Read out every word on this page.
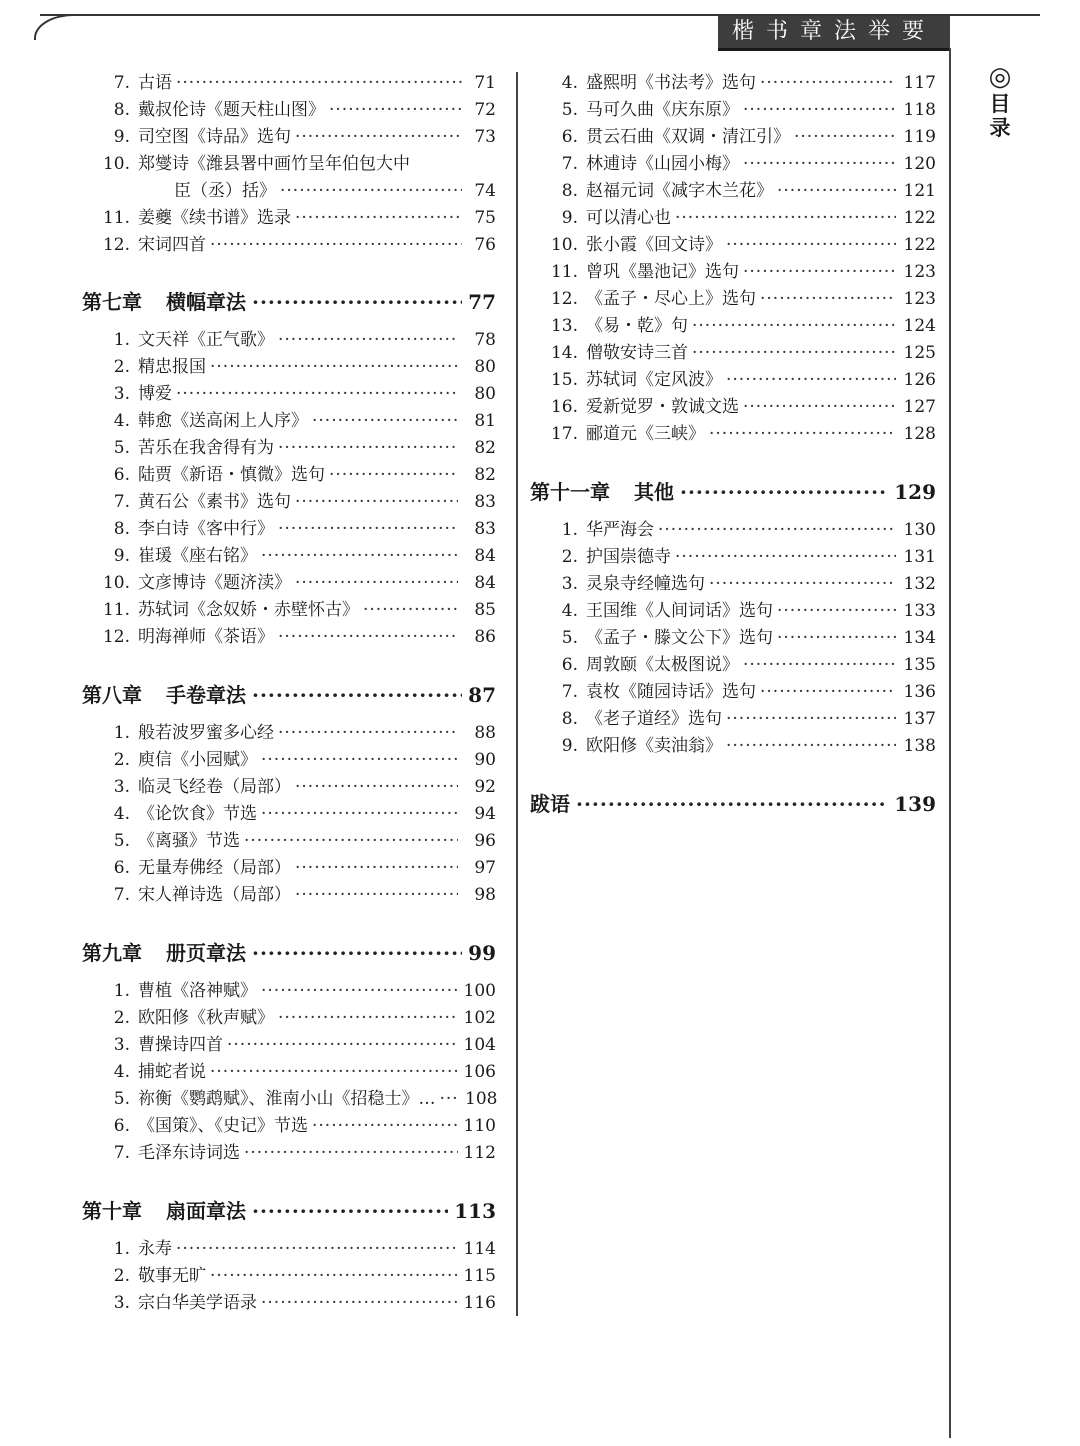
楷书章法举要
◎
目
录
7. 古语 ·····	71
8. 戴叔伦诗《题天柱山图》 ·····	72
9. 司空图《诗品》选句 ·····	73
10. 郑燮诗《潍县署中画竹呈年伯包大中
臣（丞）括》 ·····	74
11. 姜夔《续书谱》选录 ·····	75
12. 宋词四首 ·····	76
第七章 横幅章法 ·····	77
1. 文天祥《正气歌》 ·····	78
2. 精忠报国 ·····	80
3. 博爱 ·····	80
4. 韩愈《送高闲上人序》 ·····	81
5. 苦乐在我舍得有为 ·····	82
6. 陆贾《新语・慎微》选句 ·····	82
7. 黄石公《素书》选句 ·····	83
8. 李白诗《客中行》 ·····	83
9. 崔瑗《座右铭》 ·····	84
10. 文彦博诗《题济渎》 ·····	84
11. 苏轼词《念奴娇・赤壁怀古》 ·····	85
12. 明海禅师《茶语》 ·····	86
第八章 手卷章法 ·····	87
1. 般若波罗蜜多心经 ·····	88
2. 庾信《小园赋》 ·····	90
3. 临灵飞经卷（局部） ·····	92
4. 《论饮食》节选 ·····	94
5. 《离骚》节选 ·····	96
6. 无量寿佛经（局部） ·····	97
7. 宋人禅诗选（局部） ·····	98
第九章 册页章法 ·····	99
1. 曹植《洛神赋》 ·····	100
2. 欧阳修《秋声赋》 ·····	102
3. 曹操诗四首 ·····	104
4. 捕蛇者说 ·····	106
5. 祢衡《鹦鹉赋》、淮南小山《招稳士》… ····· 108
6. 《国策》、《史记》节选 ·····	110
7. 毛泽东诗词选 ·····	112
第十章 扇面章法 ·····	113
1. 永寿 ·····	114
2. 敬事无旷 ·····	115
3. 宗白华美学语录 ·····	116
4. 盛熙明《书法考》选句 ·····	117
5. 马可久曲《庆东原》 ·····	118
6. 贯云石曲《双调・清江引》 ·····	119
7. 林逋诗《山园小梅》 ·····	120
8. 赵福元词《减字木兰花》 ·····	121
9. 可以清心也 ·····	122
10. 张小霞《回文诗》 ·····	122
11. 曾巩《墨池记》选句 ·····	123
12. 《孟子・尽心上》选句 ·····	123
13. 《易・乾》句 ·····	124
14. 僧敬安诗三首 ·····	125
15. 苏轼词《定风波》 ·····	126
16. 爱新觉罗・敦诚文选 ·····	127
17. 郦道元《三峡》 ·····	128
第十一章 其他 ·····	129
1. 华严海会 ·····	130
2. 护国崇德寺 ·····	131
3. 灵泉寺经幢选句 ·····	132
4. 王国维《人间词话》选句 ·····	133
5. 《孟子・滕文公下》选句 ·····	134
6. 周敦颐《太极图说》 ·····	135
7. 袁枚《随园诗话》选句 ·····	136
8. 《老子道经》选句 ·····	137
9. 欧阳修《卖油翁》 ·····	138
跋语 ·····	139
